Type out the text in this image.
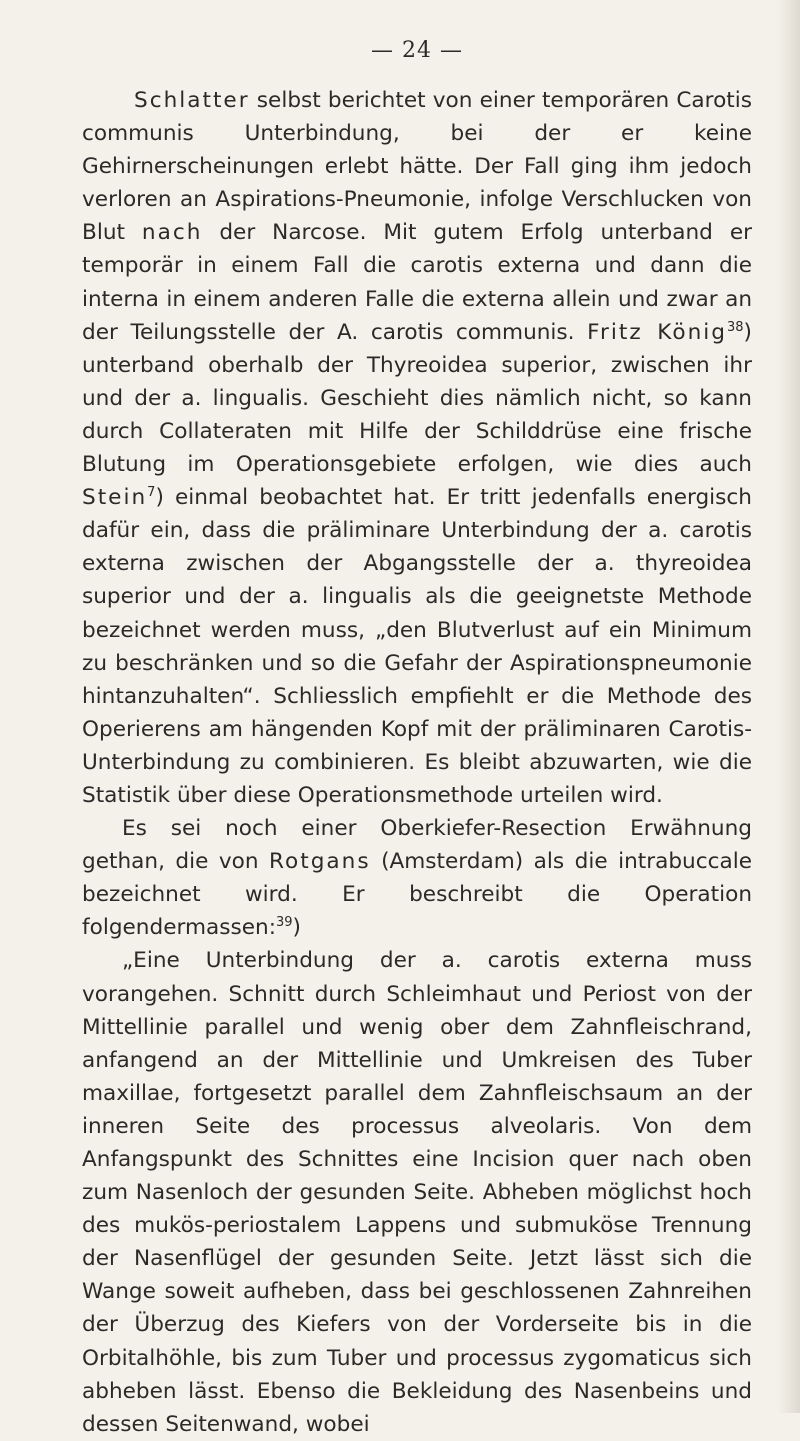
— 24 —

Schlatter selbst berichtet von einer temporären Carotis communis Unterbindung, bei der er keine Gehirnerscheinungen erlebt hätte. Der Fall ging ihm jedoch verloren an Aspirations-Pneumonie, infolge Verschlucken von Blut nach der Narcose. Mit gutem Erfolg unterband er temporär in einem Fall die carotis externa und dann die interna in einem anderen Falle die externa allein und zwar an der Teilungsstelle der A. carotis communis. Fritz König$^{38}$) unterband oberhalb der Thyreoidea superior, zwischen ihr und der a. lingualis. Geschieht dies nämlich nicht, so kann durch Collateraten mit Hilfe der Schilddrüse eine frische Blutung im Operationsgebiete erfolgen, wie dies auch Stein$^7$) einmal beobachtet hat. Er tritt jedenfalls energisch dafür ein, dass die präliminare Unterbindung der a. carotis externa zwischen der Abgangsstelle der a. thyreoidea superior und der a. lingualis als die geeignetste Methode bezeichnet werden muss, „den Blutverlust auf ein Minimum zu beschränken und so die Gefahr der Aspirationspneumonie hintanzuhalten“. Schliesslich empfiehlt er die Methode des Operierens am hängenden Kopf mit der präliminaren Carotis-Unterbindung zu combinieren. Es bleibt abzuwarten, wie die Statistik über diese Operationsmethode urteilen wird.

Es sei noch einer Oberkiefer-Resection Erwähnung gethan, die von Rotgans (Amsterdam) als die intrabuccale bezeichnet wird. Er beschreibt die Operation folgendermassen:$^{39}$)

„Eine Unterbindung der a. carotis externa muss vorangehen. Schnitt durch Schleimhaut und Periost von der Mittellinie parallel und wenig ober dem Zahnfleischrand, anfangend an der Mittellinie und Umkreisen des Tuber maxillae, fortgesetzt parallel dem Zahnfleischsaum an der inneren Seite des processus alveolaris. Von dem Anfangspunkt des Schnittes eine Incision quer nach oben zum Nasenloch der gesunden Seite. Abheben möglichst hoch des mukös-periostalem Lappens und submuköse Trennung der Nasenflügel der gesunden Seite. Jetzt lässt sich die Wange soweit aufheben, dass bei geschlossenen Zahnreihen der Überzug des Kiefers von der Vorderseite bis in die Orbitalhöhle, bis zum Tuber und processus zygomaticus sich abheben lässt. Ebenso die Bekleidung des Nasenbeins und dessen Seitenwand, wobei
